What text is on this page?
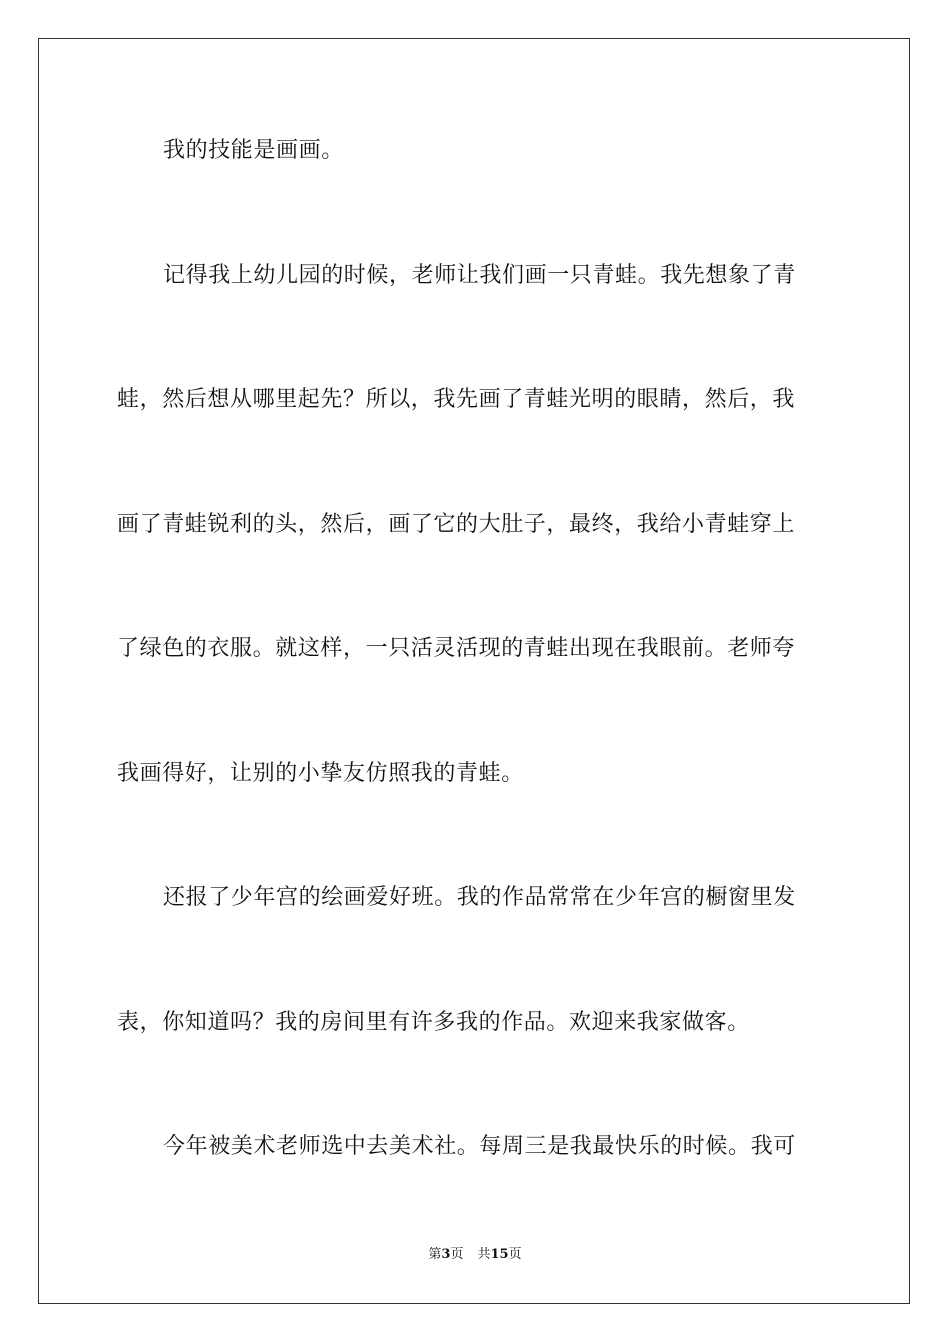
我的技能是画画。
记得我上幼儿园的时候，老师让我们画一只青蛙。我先想象了青
蛙，然后想从哪里起先？所以，我先画了青蛙光明的眼睛，然后，我
画了青蛙锐利的头，然后，画了它的大肚子，最终，我给小青蛙穿上
了绿色的衣服。就这样，一只活灵活现的青蛙出现在我眼前。老师夸
我画得好，让别的小挚友仿照我的青蛙。
还报了少年宫的绘画爱好班。我的作品常常在少年宫的橱窗里发
表，你知道吗？我的房间里有许多我的作品。欢迎来我家做客。
今年被美术老师选中去美术社。每周三是我最快乐的时候。我可
第3页 共15页
